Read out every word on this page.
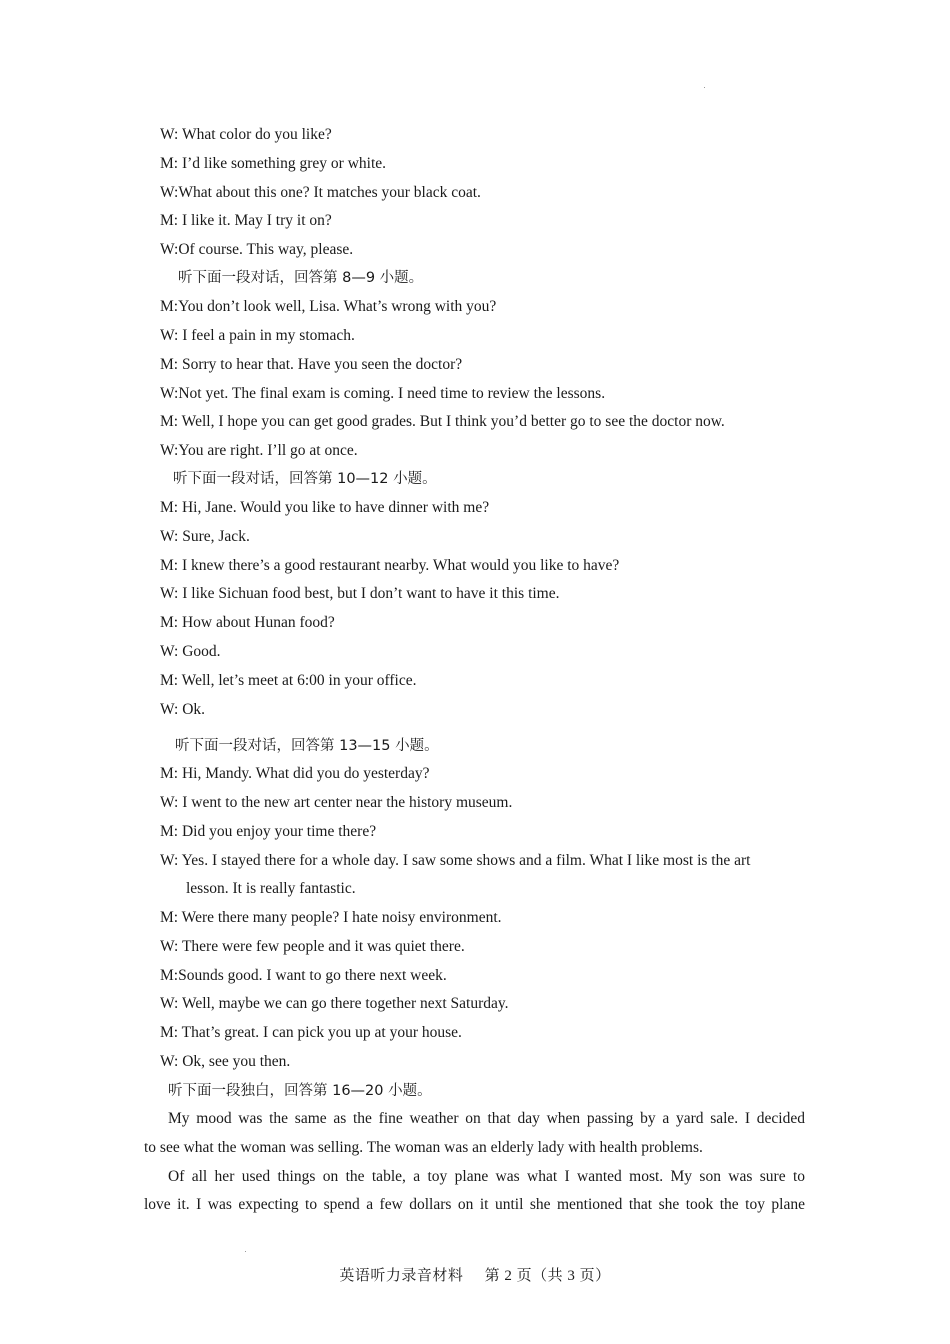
W: What color do you like?
M: I’d like something grey or white.
W:What about this one? It matches your black coat.
M: I like it. May I try it on?
W:Of course. This way, please.
听下面一段对话，回答第 8—9 小题。
M:You don’t look well, Lisa. What’s wrong with you?
W: I feel a pain in my stomach.
M: Sorry to hear that. Have you seen the doctor?
W:Not yet. The final exam is coming. I need time to review the lessons.
M: Well, I hope you can get good grades. But I think you’d better go to see the doctor now.
W:You are right. I’ll go at once.
听下面一段对话，回答第 10—12 小题。
M: Hi, Jane. Would you like to have dinner with me?
W: Sure, Jack.
M: I knew there’s a good restaurant nearby. What would you like to have?
W: I like Sichuan food best, but I don’t want to have it this time.
M: How about Hunan food?
W: Good.
M: Well, let’s meet at 6:00 in your office.
W: Ok.
听下面一段对话，回答第 13—15 小题。
M: Hi, Mandy. What did you do yesterday?
W: I went to the new art center near the history museum.
M: Did you enjoy your time there?
W: Yes. I stayed there for a whole day. I saw some shows and a film. What I like most is the art
lesson. It is really fantastic.
M: Were there many people? I hate noisy environment.
W: There were few people and it was quiet there.
M:Sounds good. I want to go there next week.
W: Well, maybe we can go there together next Saturday.
M: That’s great. I can pick you up at your house.
W: Ok, see you then.
听下面一段独白，回答第 16—20 小题。
My mood was the same as the fine weather on that day when passing by a yard sale. I decided
to see what the woman was selling. The woman was an elderly lady with health problems.
Of all her used things on the table, a toy plane was what I wanted most. My son was sure to
love it. I was expecting to spend a few dollars on it until she mentioned that she took the toy plane
英语听力录音材料 第 2 页（共 3 页）
